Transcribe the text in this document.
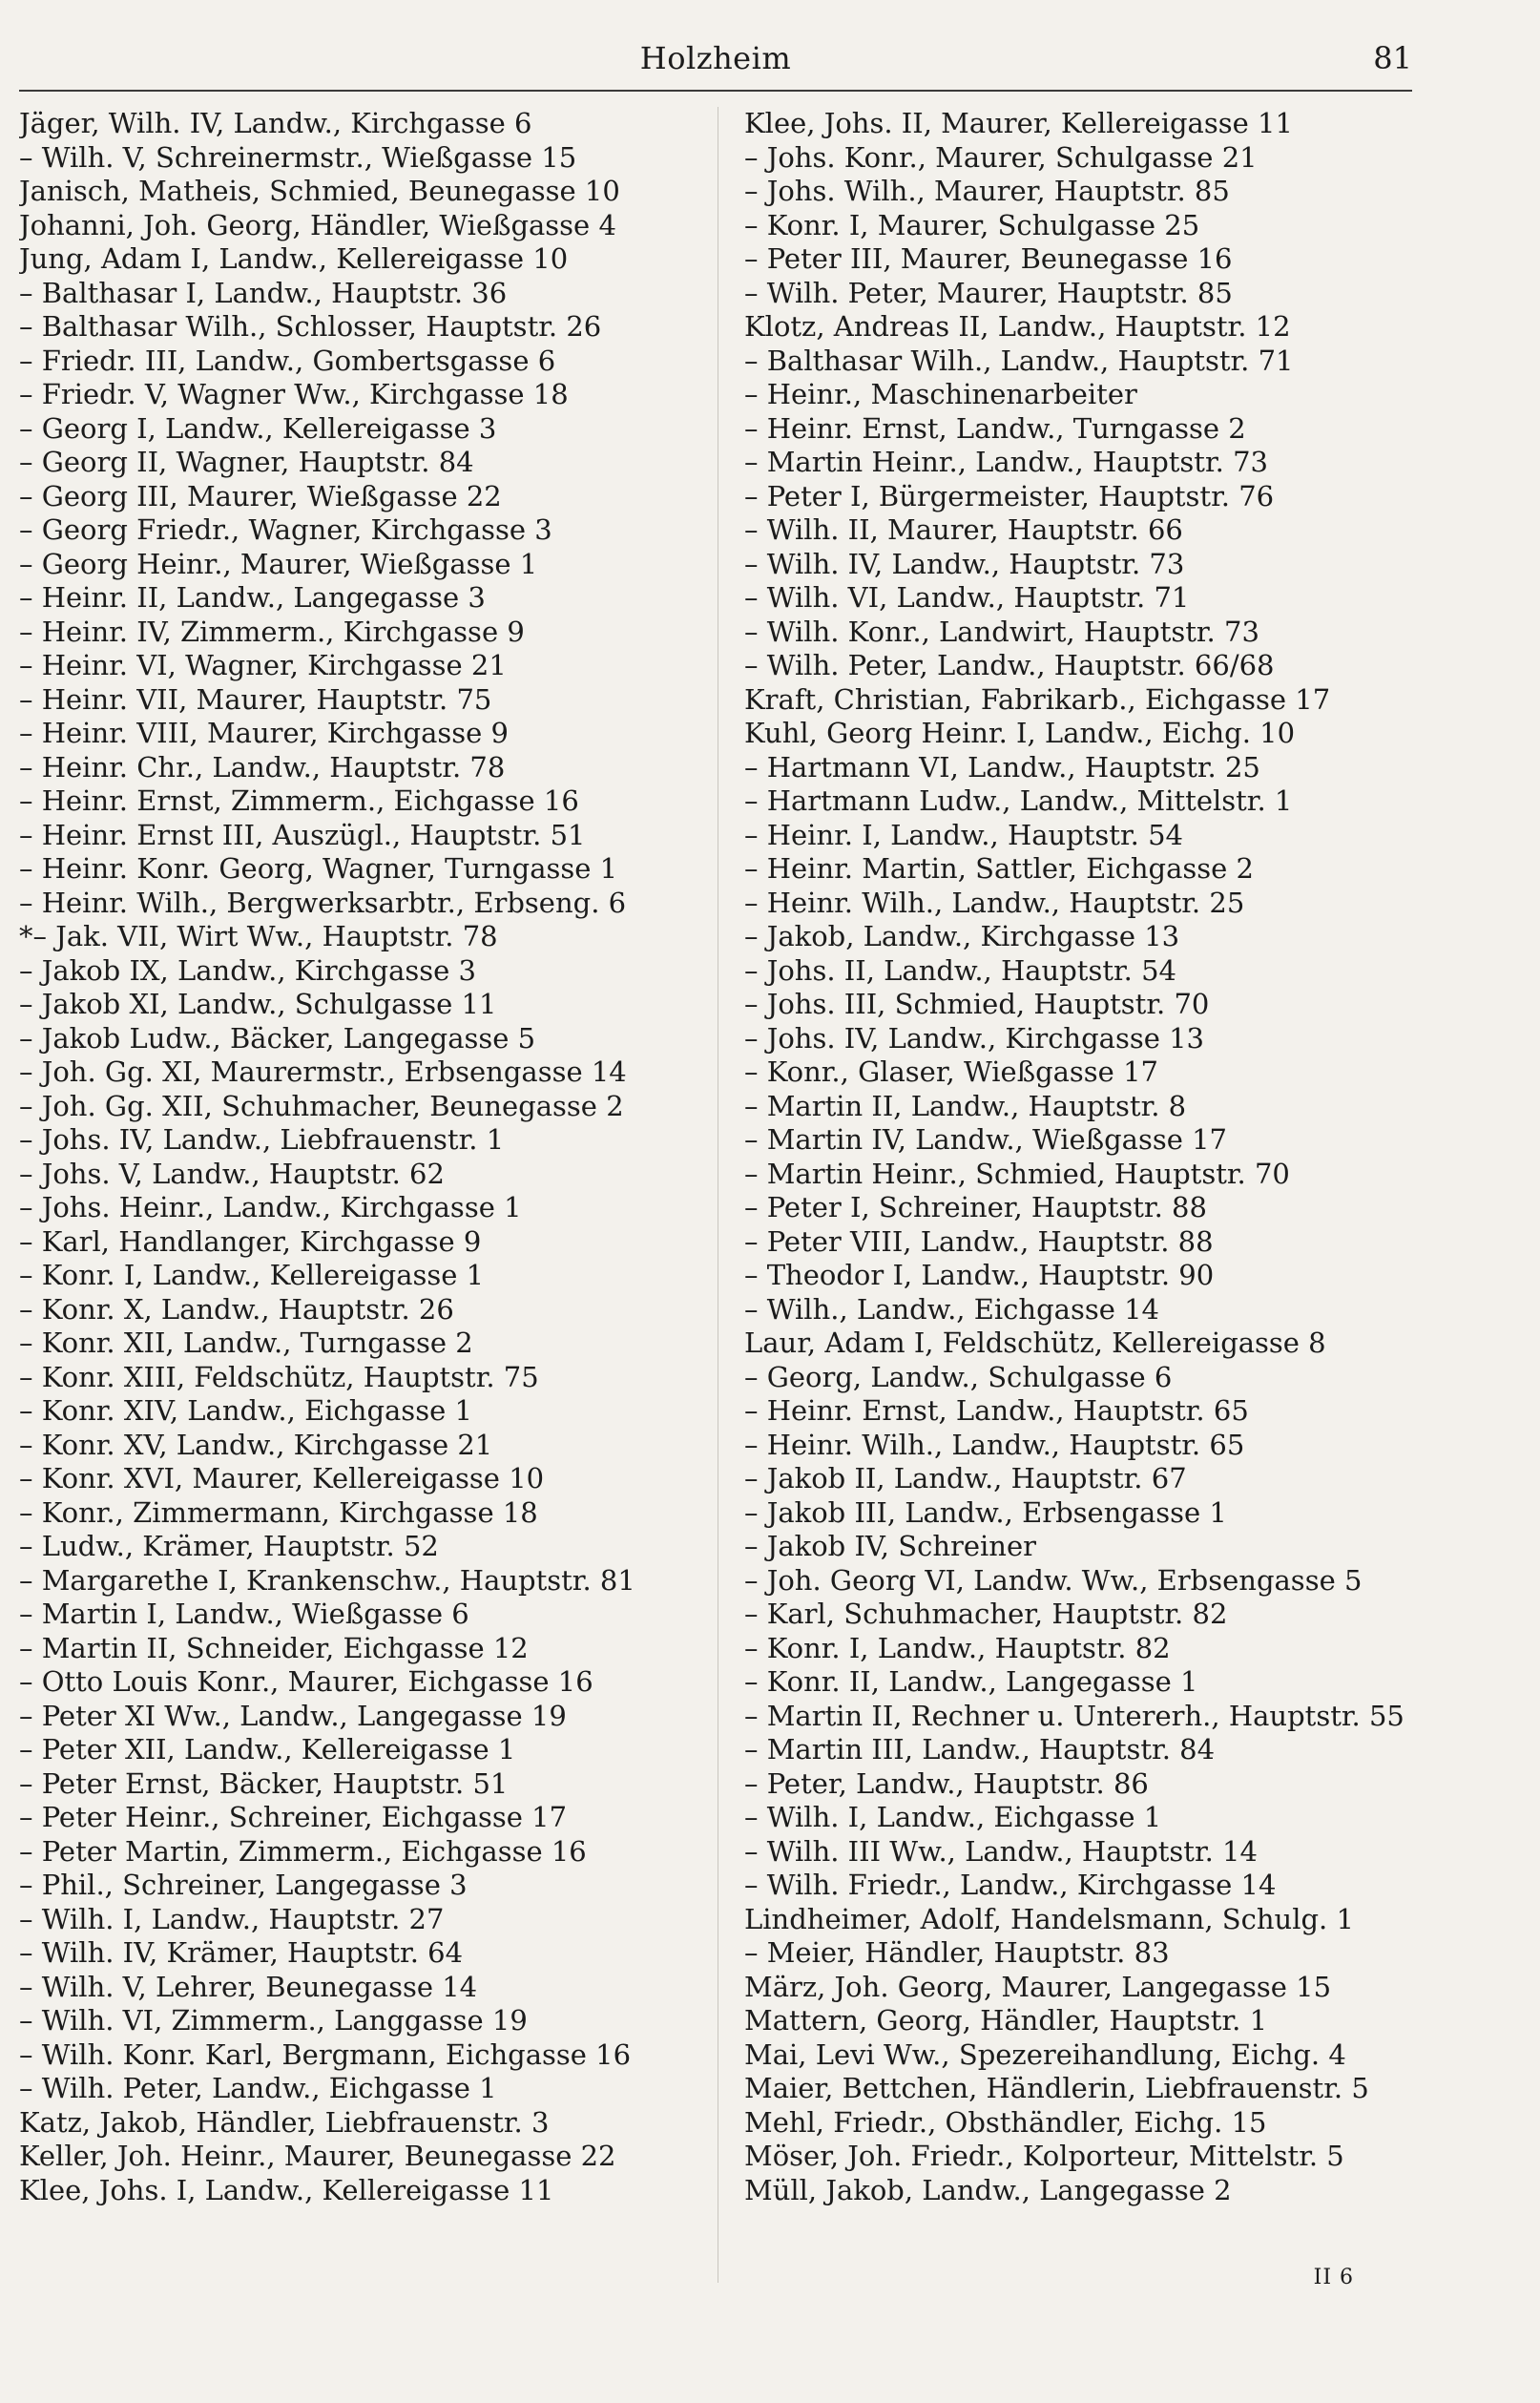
Holzheim	81
Jäger, Wilh. IV, Landw., Kirchgasse 6
– Wilh. V, Schreinermstr., Wießgasse 15
Janisch, Matheis, Schmied, Beunegasse 10
Johanni, Joh. Georg, Händler, Wießgasse 4
Jung, Adam I, Landw., Kellereigasse 10
– Balthasar I, Landw., Hauptstr. 36
– Balthasar Wilh., Schlosser, Hauptstr. 26
– Friedr. III, Landw., Gombertsgasse 6
– Friedr. V, Wagner Ww., Kirchgasse 18
– Georg I, Landw., Kellereigasse 3
– Georg II, Wagner, Hauptstr. 84
– Georg III, Maurer, Wießgasse 22
– Georg Friedr., Wagner, Kirchgasse 3
– Georg Heinr., Maurer, Wießgasse 1
– Heinr. II, Landw., Langegasse 3
– Heinr. IV, Zimmerm., Kirchgasse 9
– Heinr. VI, Wagner, Kirchgasse 21
– Heinr. VII, Maurer, Hauptstr. 75
– Heinr. VIII, Maurer, Kirchgasse 9
– Heinr. Chr., Landw., Hauptstr. 78
– Heinr. Ernst, Zimmerm., Eichgasse 16
– Heinr. Ernst III, Auszügl., Hauptstr. 51
– Heinr. Konr. Georg, Wagner, Turngasse 1
– Heinr. Wilh., Bergwerksarbtr., Erbseng. 6
*– Jak. VII, Wirt Ww., Hauptstr. 78
– Jakob IX, Landw., Kirchgasse 3
– Jakob XI, Landw., Schulgasse 11
– Jakob Ludw., Bäcker, Langegasse 5
– Joh. Gg. XI, Maurermstr., Erbsengasse 14
– Joh. Gg. XII, Schuhmacher, Beunegasse 2
– Johs. IV, Landw., Liebfrauenstr. 1
– Johs. V, Landw., Hauptstr. 62
– Johs. Heinr., Landw., Kirchgasse 1
– Karl, Handlanger, Kirchgasse 9
– Konr. I, Landw., Kellereigasse 1
– Konr. X, Landw., Hauptstr. 26
– Konr. XII, Landw., Turngasse 2
– Konr. XIII, Feldschütz, Hauptstr. 75
– Konr. XIV, Landw., Eichgasse 1
– Konr. XV, Landw., Kirchgasse 21
– Konr. XVI, Maurer, Kellereigasse 10
– Konr., Zimmermann, Kirchgasse 18
– Ludw., Krämer, Hauptstr. 52
– Margarethe I, Krankenschw., Hauptstr. 81
– Martin I, Landw., Wießgasse 6
– Martin II, Schneider, Eichgasse 12
– Otto Louis Konr., Maurer, Eichgasse 16
– Peter XI Ww., Landw., Langegasse 19
– Peter XII, Landw., Kellereigasse 1
– Peter Ernst, Bäcker, Hauptstr. 51
– Peter Heinr., Schreiner, Eichgasse 17
– Peter Martin, Zimmerm., Eichgasse 16
– Phil., Schreiner, Langegasse 3
– Wilh. I, Landw., Hauptstr. 27
– Wilh. IV, Krämer, Hauptstr. 64
– Wilh. V, Lehrer, Beunegasse 14
– Wilh. VI, Zimmerm., Langgasse 19
– Wilh. Konr. Karl, Bergmann, Eichgasse 16
– Wilh. Peter, Landw., Eichgasse 1
Katz, Jakob, Händler, Liebfrauenstr. 3
Keller, Joh. Heinr., Maurer, Beunegasse 22
Klee, Johs. I, Landw., Kellereigasse 11
Klee, Johs. II, Maurer, Kellereigasse 11
– Johs. Konr., Maurer, Schulgasse 21
– Johs. Wilh., Maurer, Hauptstr. 85
– Konr. I, Maurer, Schulgasse 25
– Peter III, Maurer, Beunegasse 16
– Wilh. Peter, Maurer, Hauptstr. 85
Klotz, Andreas II, Landw., Hauptstr. 12
– Balthasar Wilh., Landw., Hauptstr. 71
– Heinr., Maschinenarbeiter
– Heinr. Ernst, Landw., Turngasse 2
– Martin Heinr., Landw., Hauptstr. 73
– Peter I, Bürgermeister, Hauptstr. 76
– Wilh. II, Maurer, Hauptstr. 66
– Wilh. IV, Landw., Hauptstr. 73
– Wilh. VI, Landw., Hauptstr. 71
– Wilh. Konr., Landwirt, Hauptstr. 73
– Wilh. Peter, Landw., Hauptstr. 66/68
Kraft, Christian, Fabrikarb., Eichgasse 17
Kuhl, Georg Heinr. I, Landw., Eichg. 10
– Hartmann VI, Landw., Hauptstr. 25
– Hartmann Ludw., Landw., Mittelstr. 1
– Heinr. I, Landw., Hauptstr. 54
– Heinr. Martin, Sattler, Eichgasse 2
– Heinr. Wilh., Landw., Hauptstr. 25
– Jakob, Landw., Kirchgasse 13
– Johs. II, Landw., Hauptstr. 54
– Johs. III, Schmied, Hauptstr. 70
– Johs. IV, Landw., Kirchgasse 13
– Konr., Glaser, Wießgasse 17
– Martin II, Landw., Hauptstr. 8
– Martin IV, Landw., Wießgasse 17
– Martin Heinr., Schmied, Hauptstr. 70
– Peter I, Schreiner, Hauptstr. 88
– Peter VIII, Landw., Hauptstr. 88
– Theodor I, Landw., Hauptstr. 90
– Wilh., Landw., Eichgasse 14
Laur, Adam I, Feldschütz, Kellereigasse 8
– Georg, Landw., Schulgasse 6
– Heinr. Ernst, Landw., Hauptstr. 65
– Heinr. Wilh., Landw., Hauptstr. 65
– Jakob II, Landw., Hauptstr. 67
– Jakob III, Landw., Erbsengasse 1
– Jakob IV, Schreiner
– Joh. Georg VI, Landw. Ww., Erbsengasse 5
– Karl, Schuhmacher, Hauptstr. 82
– Konr. I, Landw., Hauptstr. 82
– Konr. II, Landw., Langegasse 1
– Martin II, Rechner u. Untererh., Hauptstr. 55
– Martin III, Landw., Hauptstr. 84
– Peter, Landw., Hauptstr. 86
– Wilh. I, Landw., Eichgasse 1
– Wilh. III Ww., Landw., Hauptstr. 14
– Wilh. Friedr., Landw., Kirchgasse 14
Lindheimer, Adolf, Handelsmann, Schulg. 1
– Meier, Händler, Hauptstr. 83
März, Joh. Georg, Maurer, Langegasse 15
Mattern, Georg, Händler, Hauptstr. 1
Mai, Levi Ww., Spezereihandlung, Eichg. 4
Maier, Bettchen, Händlerin, Liebfrauenstr. 5
Mehl, Friedr., Obsthändler, Eichg. 15
Möser, Joh. Friedr., Kolporteur, Mittelstr. 5
Müll, Jakob, Landw., Langegasse 2
II 6
